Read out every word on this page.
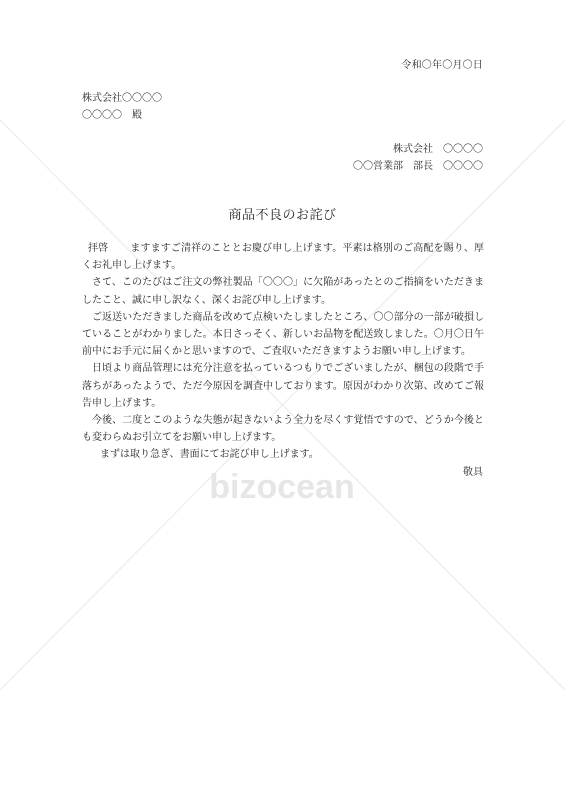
bizocean
令和〇年〇月〇日
株式会社〇〇〇〇
〇〇〇〇　殿
株式会社　〇〇〇〇
〇〇営業部　部長　〇〇〇〇
商品不良のお詫び

拝啓 ますますご清祥のこととお慶び申し上げます。平素は格別のご高配を賜り、厚くお礼申し上げます。

さて、このたびはご注文の弊社製品「〇〇〇」に欠陥があったとのご指摘をいただきましたこと、誠に申し訳なく、深くお詫び申し上げます。

ご返送いただきました商品を改めて点検いたしましたところ、〇〇部分の一部が破損していることがわかりました。本日さっそく、新しいお品物を配送致しました。〇月〇日午前中にお手元に届くかと思いますので、ご査収いただきますようお願い申し上げます。

日頃より商品管理には充分注意を払っているつもりでございましたが、梱包の段階で手落ちがあったようで、ただ今原因を調査中しております。原因がわかり次第、改めてご報告申し上げます。

今後、二度とこのような失態が起きないよう全力を尽くす覚悟ですので、どうか今後とも変わらぬお引立てをお願い申し上げます。

まずは取り急ぎ、書面にてお詫び申し上げます。

敬具
